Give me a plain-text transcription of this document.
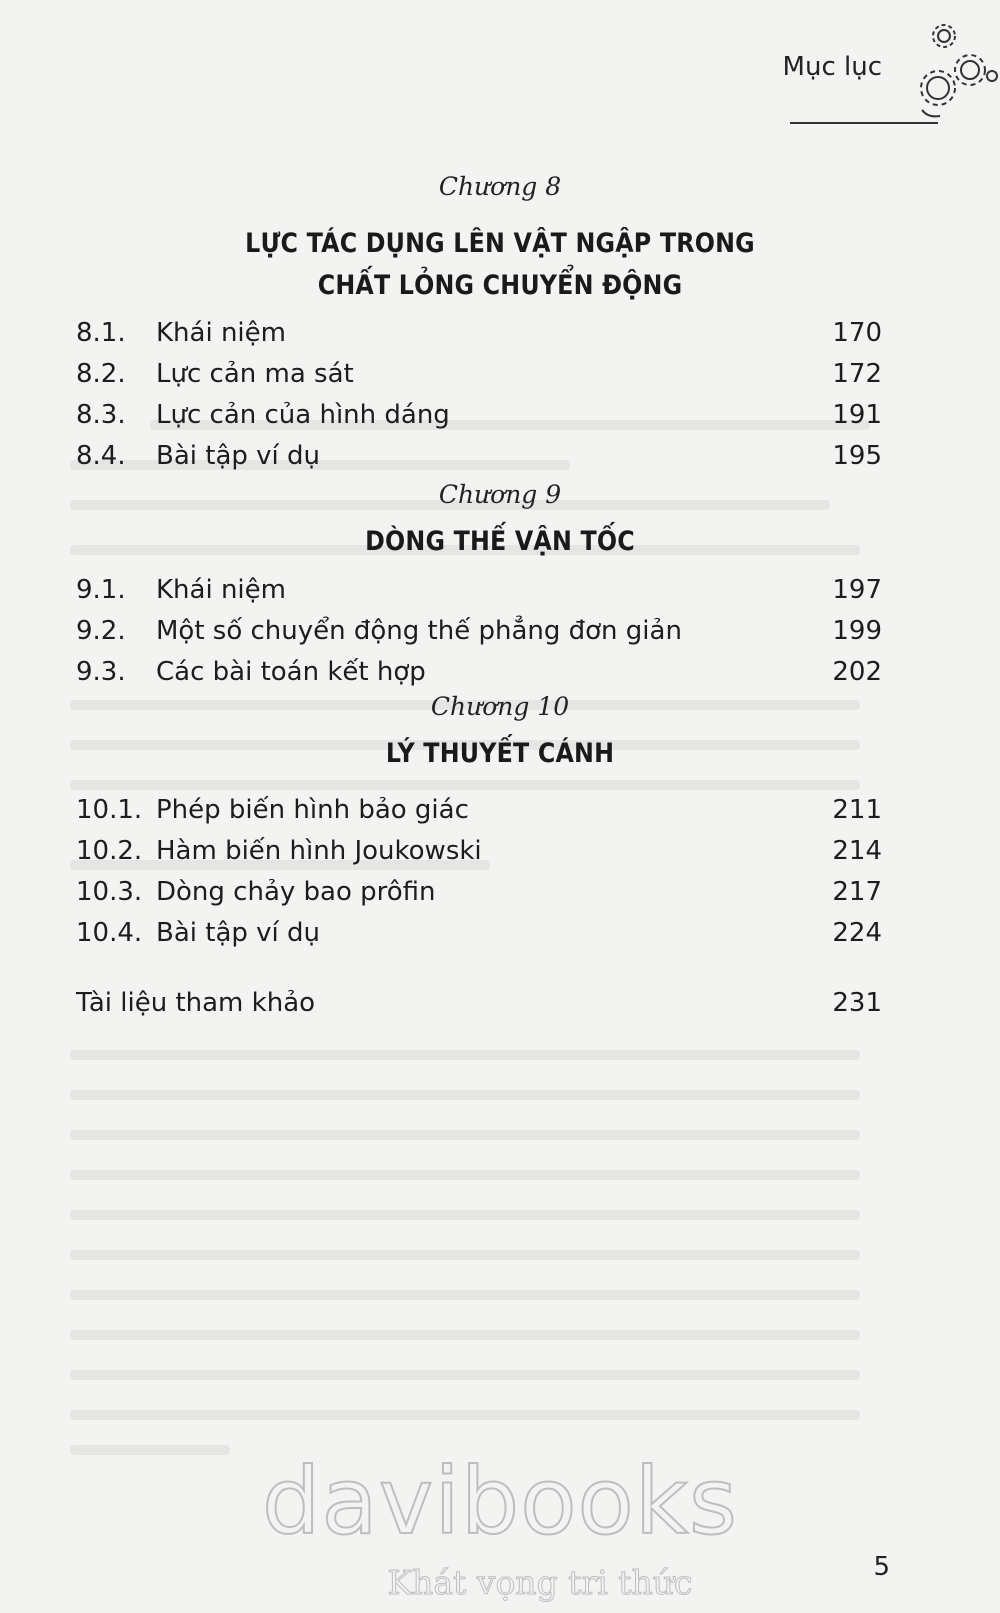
Mục lục
Chương 8
LỰC TÁC DỤNG LÊN VẬT NGẬP TRONG
CHẤT LỎNG CHUYỂN ĐỘNG
8.1. Khái niệm	170
8.2. Lực cản ma sát	172
8.3. Lực cản của hình dáng	191
8.4. Bài tập ví dụ	195
Chương 9
DÒNG THẾ VẬN TỐC
9.1. Khái niệm	197
9.2. Một số chuyển động thế phẳng đơn giản	199
9.3. Các bài toán kết hợp	202
Chương 10
LÝ THUYẾT CÁNH
10.1. Phép biến hình bảo giác	211
10.2. Hàm biến hình Joukowski	214
10.3. Dòng chảy bao prôfin	217
10.4. Bài tập ví dụ	224
Tài liệu tham khảo	231
davibooks
Khát vọng tri thức	5
